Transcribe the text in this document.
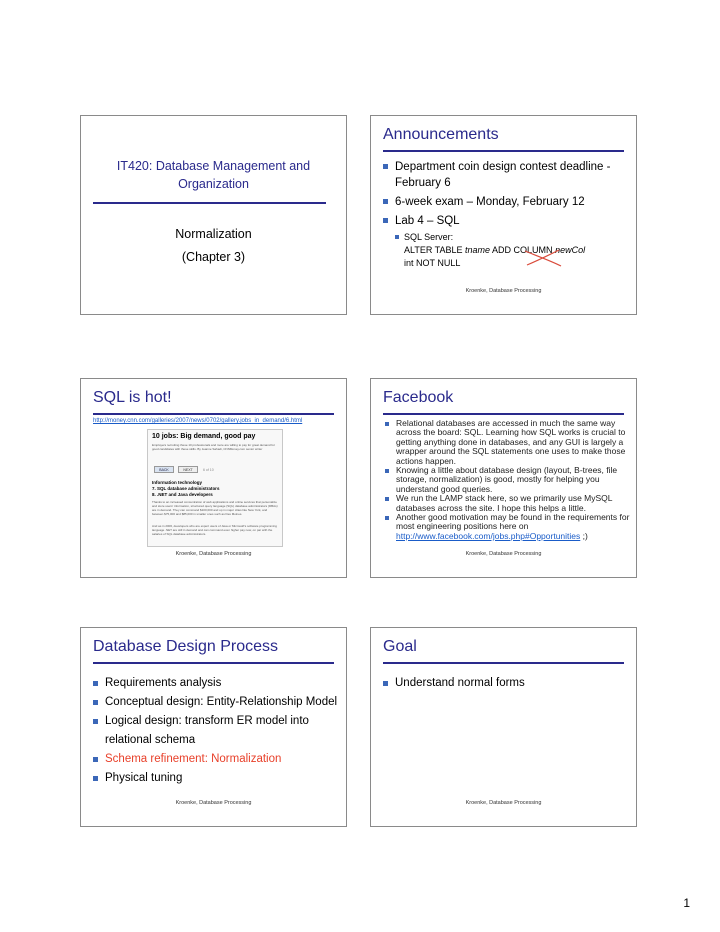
IT420: Database Management and
Organization
Normalization
(Chapter 3)
Announcements
Department coin design contest deadline - February 6
6-week exam – Monday, February 12
Lab 4 – SQL
SQL Server:
ALTER TABLE tname ADD COLUMN newCol
int NOT NULL
Kroenke, Database Processing
SQL is hot!
http://money.cnn.com/galleries/2007/news/0702/gallery.jobs_in_demand/6.html
10 jobs: Big demand, good pay
Employers recruiting these 10 professionals and more are willing to pay for great demand for good candidates with these skills. By Jeanne Sahadi, CNNMoney.com senior writer
BACK	NEXT	6 of 10
Information technology
7. SQL database administrators
8. .NET and Java developers
Thanks to an increased concentration of web applications and online services that personalize and store users' information, structured query language (SQL) database administrators (DBAs) are in demand. They can command $100,000 and up in major cities like New York, and between $75,000 and $85,000 in smaller ones such as Des Moines.
And as in 2006, developers who are expert users of Java or Microsoft's software programming language .NET are still in demand and can command even higher pay now, on par with the salaries of SQL database administrators.
Kroenke, Database Processing
Facebook
Relational databases are accessed in much the same way across the board: SQL. Learning how SQL works is crucial to getting anything done in databases, and any GUI is largely a wrapper around the SQL statements one uses to make those actions happen.
Knowing a little about database design (layout, B-trees, file storage, normalization) is good, mostly for helping you understand good queries.
We run the LAMP stack here, so we primarily use MySQL databases across the site. I hope this helps a little.
Another good motivation may be found in the requirements for most engineering positions here on http://www.facebook.com/jobs.php#Opportunities ;)
Kroenke, Database Processing
Database Design Process
Requirements analysis
Conceptual design: Entity-Relationship Model
Logical design: transform ER model into relational schema
Schema refinement: Normalization
Physical tuning
Kroenke, Database Processing
Goal
Understand normal forms
Kroenke, Database Processing
1
